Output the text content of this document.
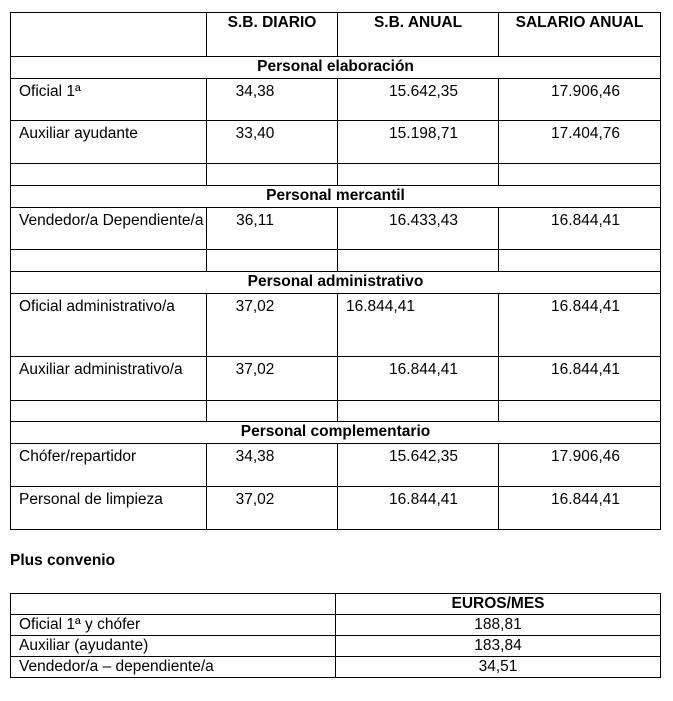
	S.B. DIARIO	S.B. ANUAL	SALARIO ANUAL
Personal elaboración			
Oficial 1ª	34,38	15.642,35	17.906,46
Auxiliar ayudante	33,40	15.198,71	17.404,76

Personal mercantil			
Vendedor/a Dependiente/a	36,11	16.433,43	16.844,41

Personal administrativo			
Oficial administrativo/a	37,02	16.844,41	16.844,41
Auxiliar administrativo/a	37,02	16.844,41	16.844,41

Personal complementario			
Chófer/repartidor	34,38	15.642,35	17.906,46
Personal de limpieza	37,02	16.844,41	16.844,41
Plus convenio
	EUROS/MES
Oficial 1ª y chófer	188,81
Auxiliar (ayudante)	183,84
Vendedor/a – dependiente/a	34,51
